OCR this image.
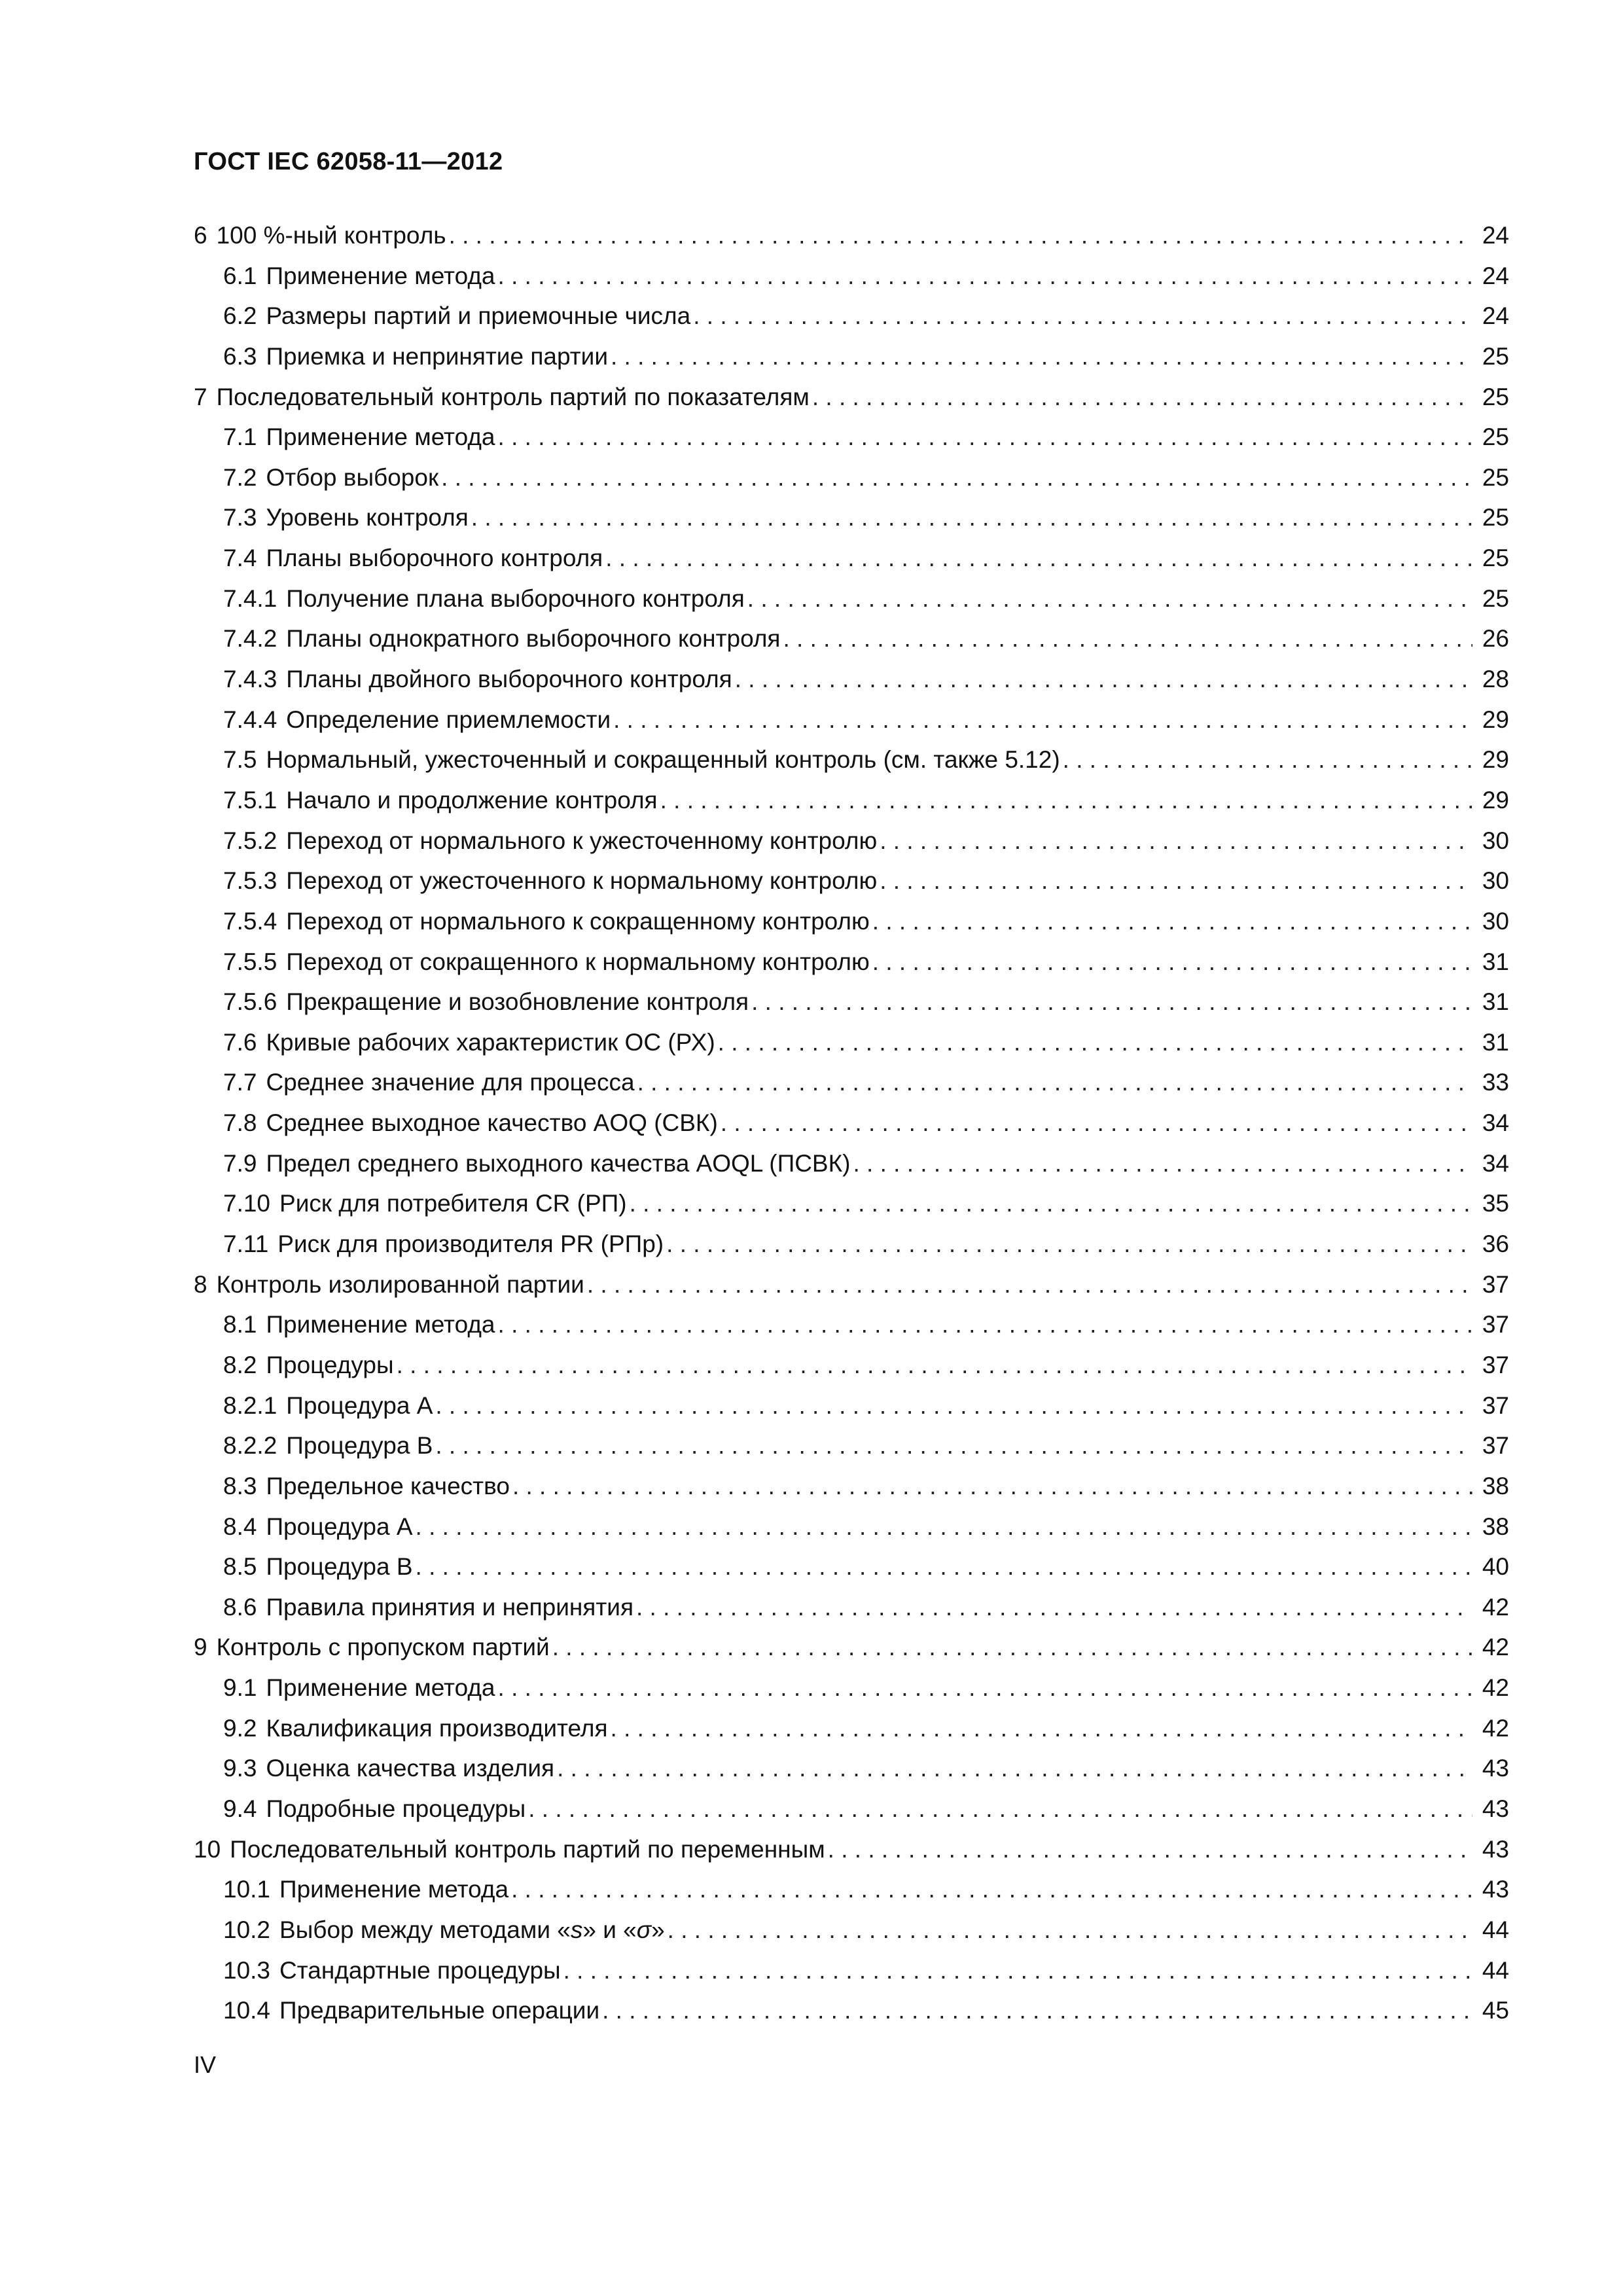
ГОСТ IEC 62058-11—2012
6 100 %-ный контроль . . .	24
6.1 Применение метода . . .	24
6.2 Размеры партий и приемочные числа . . .	24
6.3 Приемка и непринятие партии . . .	25
7 Последовательный контроль партий по показателям . . .	25
7.1 Применение метода . . .	25
7.2 Отбор выборок . . .	25
7.3 Уровень контроля . . .	25
7.4 Планы выборочного контроля . . .	25
7.4.1 Получение плана выборочного контроля . . .	25
7.4.2 Планы однократного выборочного контроля . . .	26
7.4.3 Планы двойного выборочного контроля . . .	28
7.4.4 Определение приемлемости . . .	29
7.5 Нормальный, ужесточенный и сокращенный контроль (см. также 5.12) . . .	29
7.5.1 Начало и продолжение контроля . . .	29
7.5.2 Переход от нормального к ужесточенному контролю . . .	30
7.5.3 Переход от ужесточенного к нормальному контролю . . .	30
7.5.4 Переход от нормального к сокращенному контролю . . .	30
7.5.5 Переход от сокращенного к нормальному контролю . . .	31
7.5.6 Прекращение и возобновление контроля . . .	31
7.6 Кривые рабочих характеристик OC (РХ) . . .	31
7.7 Среднее значение для процесса . . .	33
7.8 Среднее выходное качество AOQ (СВК) . . .	34
7.9 Предел среднего выходного качества AOQL (ПСВК) . . .	34
7.10 Риск для потребителя CR (РП) . . .	35
7.11 Риск для производителя PR (РПр) . . .	36
8 Контроль изолированной партии . . .	37
8.1 Применение метода . . .	37
8.2 Процедуры . . .	37
8.2.1 Процедура A . . .	37
8.2.2 Процедура B . . .	37
8.3 Предельное качество . . .	38
8.4 Процедура A . . .	38
8.5 Процедура B . . .	40
8.6 Правила принятия и непринятия . . .	42
9 Контроль с пропуском партий . . .	42
9.1 Применение метода . . .	42
9.2 Квалификация производителя . . .	42
9.3 Оценка качества изделия . . .	43
9.4 Подробные процедуры . . .	43
10 Последовательный контроль партий по переменным . . .	43
10.1 Применение метода . . .	43
10.2 Выбор между методами «s» и «σ» . . .	44
10.3 Стандартные процедуры . . .	44
10.4 Предварительные операции . . .	45
IV
